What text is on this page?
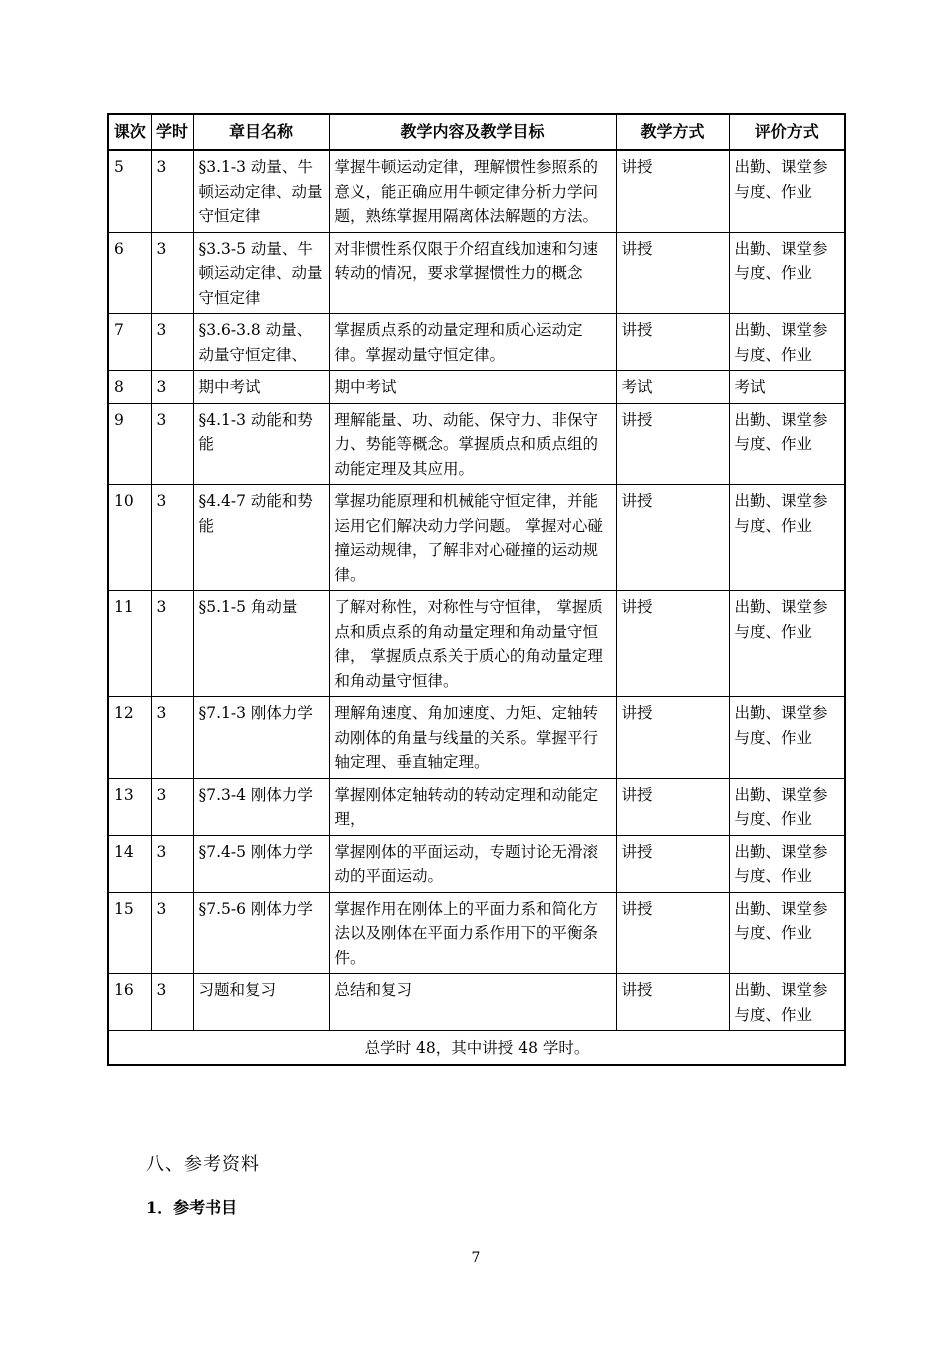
课次	学时	章目名称	教学内容及教学目标	教学方式	评价方式
5	3	§3.1-3 动量、牛顿运动定律、动量守恒定律	掌握牛顿运动定律，理解惯性参照系的意义，能正确应用牛顿定律分析力学问题，熟练掌握用隔离体法解题的方法。	讲授	出勤、课堂参与度、作业
6	3	§3.3-5 动量、牛顿运动定律、动量守恒定律	对非惯性系仅限于介绍直线加速和匀速转动的情况，要求掌握惯性力的概念	讲授	出勤、课堂参与度、作业
7	3	§3.6-3.8 动量、动量守恒定律、	掌握质点系的动量定理和质心运动定律。掌握动量守恒定律。	讲授	出勤、课堂参与度、作业
8	3	期中考试	期中考试	考试	考试
9	3	§4.1-3 动能和势能	理解能量、功、动能、保守力、非保守力、势能等概念。掌握质点和质点组的动能定理及其应用。	讲授	出勤、课堂参与度、作业
10	3	§4.4-7 动能和势能	掌握功能原理和机械能守恒定律，并能运用它们解决动力学问题。 掌握对心碰撞运动规律，了解非对心碰撞的运动规律。	讲授	出勤、课堂参与度、作业
11	3	§5.1-5 角动量	了解对称性，对称性与守恒律， 掌握质点和质点系的角动量定理和角动量守恒律， 掌握质点系关于质心的角动量定理和角动量守恒律。	讲授	出勤、课堂参与度、作业
12	3	§7.1-3 刚体力学	理解角速度、角加速度、力矩、定轴转动刚体的角量与线量的关系。掌握平行轴定理、垂直轴定理。	讲授	出勤、课堂参与度、作业
13	3	§7.3-4 刚体力学	掌握刚体定轴转动的转动定理和动能定理，	讲授	出勤、课堂参与度、作业
14	3	§7.4-5 刚体力学	掌握刚体的平面运动，专题讨论无滑滚动的平面运动。	讲授	出勤、课堂参与度、作业
15	3	§7.5-6 刚体力学	掌握作用在刚体上的平面力系和简化方法以及刚体在平面力系作用下的平衡条件。	讲授	出勤、课堂参与度、作业
16	3	习题和复习	总结和复习	讲授	出勤、课堂参与度、作业
总学时 48，其中讲授 48 学时。					
八、参考资料
1．参考书目
7
